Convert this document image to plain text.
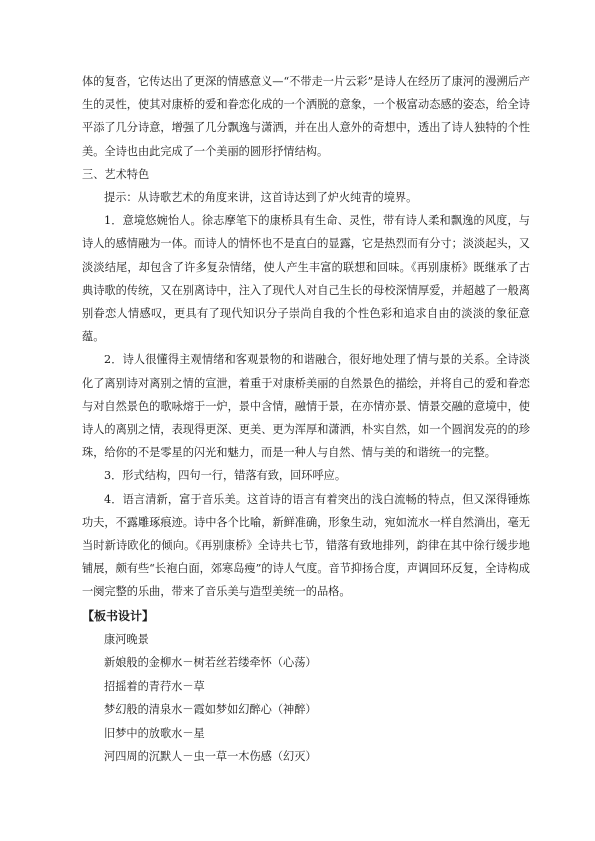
体的复沓，它传达出了更深的情感意义—“不带走一片云彩”是诗人在经历了康河的漫溯后产生的灵性，使其对康桥的爱和眷恋化成的一个洒脱的意象，一个极富动态感的姿态，给全诗平添了几分诗意，增强了几分飘逸与潇洒，并在出人意外的奇想中，透出了诗人独特的个性美。全诗也由此完成了一个美丽的圆形抒情结构。

三、艺术特色

提示：从诗歌艺术的角度来讲，这首诗达到了炉火纯青的境界。

1．意境悠婉怡人。徐志摩笔下的康桥具有生命、灵性，带有诗人柔和飘逸的风度，与诗人的感情融为一体。而诗人的情怀也不是直白的显露，它是热烈而有分寸；淡淡起头，又淡淡结尾，却包含了许多复杂情绪，使人产生丰富的联想和回味。《再别康桥》既继承了古典诗歌的传统，又在别离诗中，注入了现代人对自己生长的母校深情厚爱，并超越了一般离别眷恋人情感叹，更具有了现代知识分子崇尚自我的个性色彩和追求自由的淡淡的象征意蕴。

2．诗人很懂得主观情绪和客观景物的和谐融合，很好地处理了情与景的关系。全诗淡化了离别诗对离别之情的宣泄，着重于对康桥美丽的自然景色的描绘，并将自己的爱和眷恋与对自然景色的歌咏熔于一炉，景中含情，融情于景，在亦情亦景、情景交融的意境中，使诗人的离别之情，表现得更深、更美、更为浑厚和潇洒，朴实自然，如一个圆润发亮的的珍珠，给你的不是零星的闪光和魅力，而是一种人与自然、情与美的和谐统一的完整。

3．形式结构，四句一行，错落有致，回环呼应。

4．语言清新，富于音乐美。这首诗的语言有着突出的浅白流畅的特点，但又深得锤炼功夫，不露雕琢痕迹。诗中各个比喻，新鲜准确，形象生动，宛如流水一样自然淌出，毫无当时新诗欧化的倾向。《再别康桥》全诗共七节，错落有致地排列，韵律在其中徐行缓步地铺展，颇有些“长袍白面，郊寒岛瘦”的诗人气度。音节抑扬合度，声调回环反复，全诗构成一阕完整的乐曲，带来了音乐美与造型美统一的品格。

【板书设计】

康河晚景

新娘般的金柳水－树若丝若缕牵怀（心荡）

招摇着的青荇水－草

梦幻般的清泉水－霞如梦如幻醉心（神醉）

旧梦中的放歌水－星

河四周的沉默人－虫一草一木伤感（幻灭）
